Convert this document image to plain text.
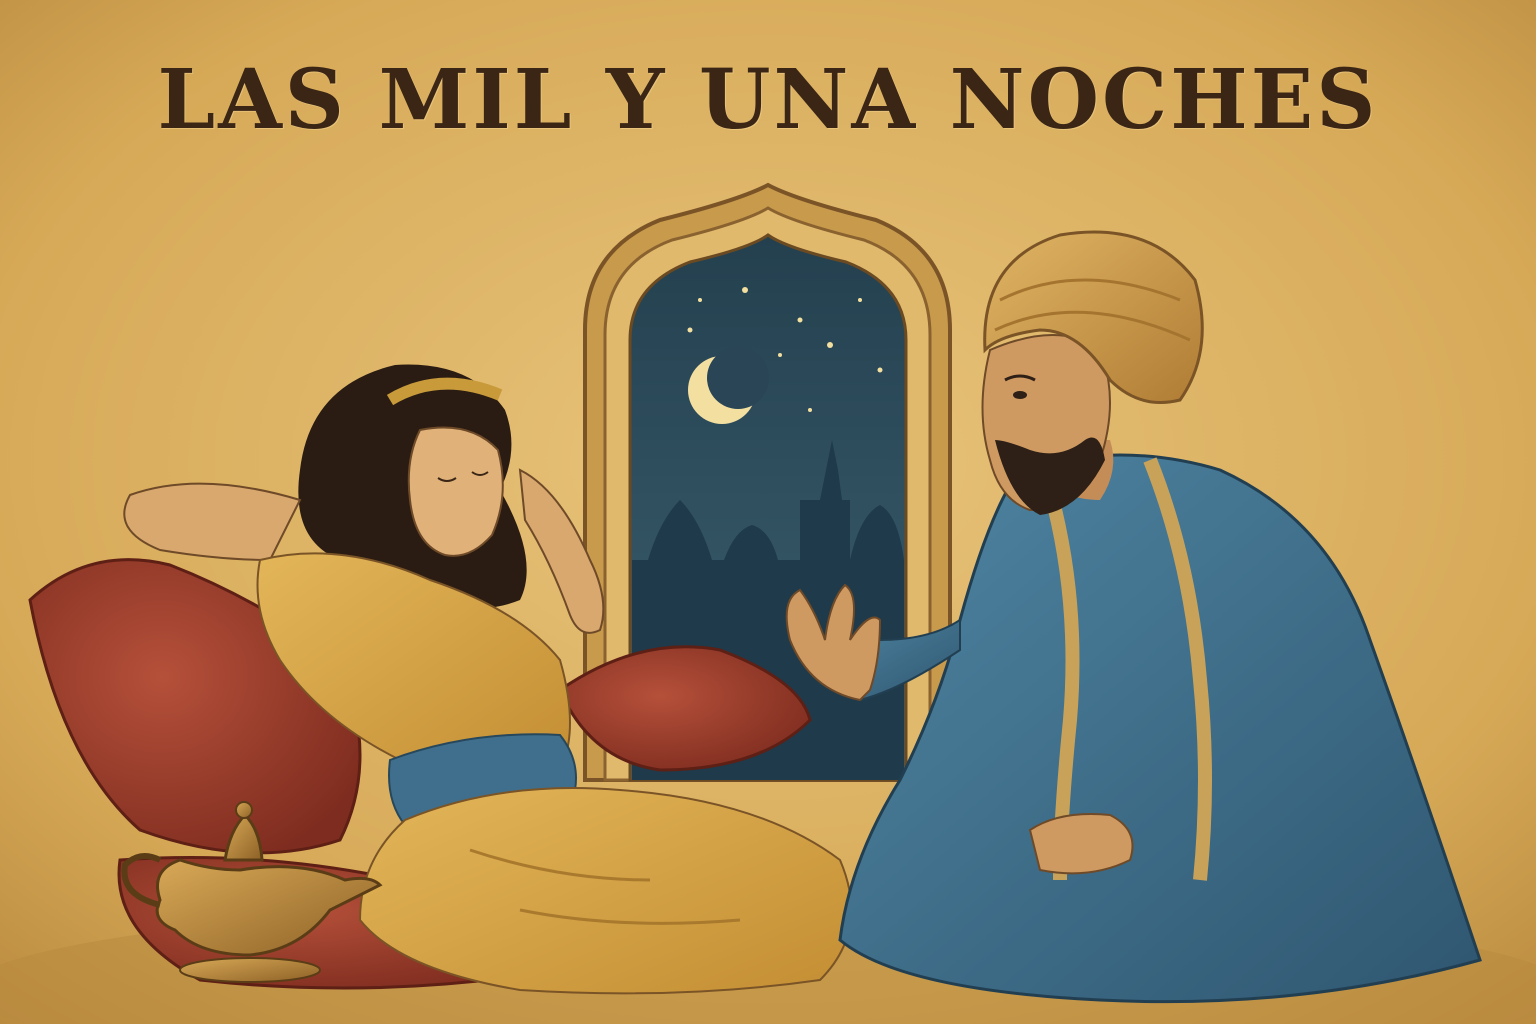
LAS MIL Y UNA NOCHES
